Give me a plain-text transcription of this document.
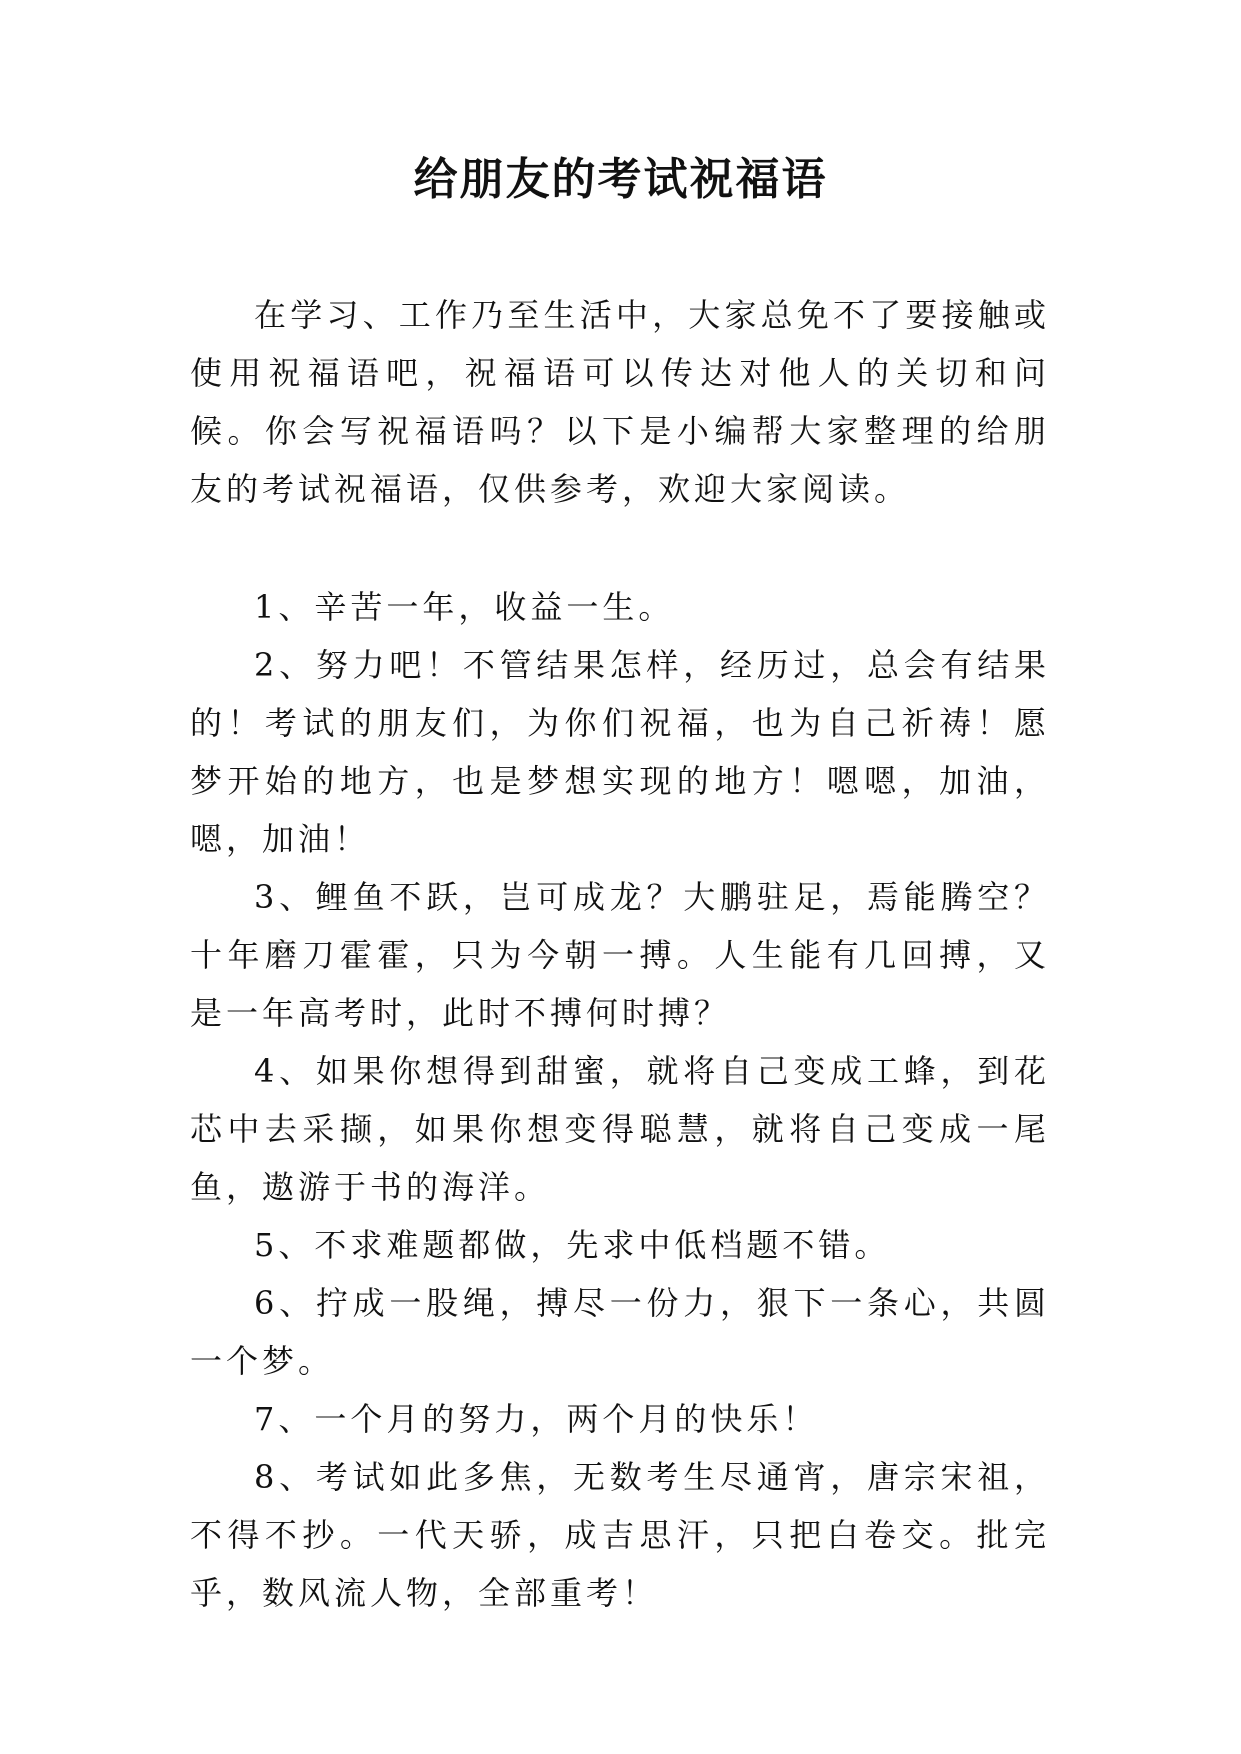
给朋友的考试祝福语

在学习、工作乃至生活中，大家总免不了要接触或使用祝福语吧，祝福语可以传达对他人的关切和问候。你会写祝福语吗？以下是小编帮大家整理的给朋友的考试祝福语，仅供参考，欢迎大家阅读。

1、辛苦一年，收益一生。

2、努力吧！不管结果怎样，经历过，总会有结果的！考试的朋友们，为你们祝福，也为自己祈祷！愿梦开始的地方，也是梦想实现的地方！嗯嗯，加油，嗯，加油！

3、鲤鱼不跃，岂可成龙？大鹏驻足，焉能腾空？十年磨刀霍霍，只为今朝一搏。人生能有几回搏，又是一年高考时，此时不搏何时搏？

4、如果你想得到甜蜜，就将自己变成工蜂，到花芯中去采撷，如果你想变得聪慧，就将自己变成一尾鱼，遨游于书的海洋。

5、不求难题都做，先求中低档题不错。

6、拧成一股绳，搏尽一份力，狠下一条心，共圆一个梦。

7、一个月的努力，两个月的快乐！

8、考试如此多焦，无数考生尽通宵，唐宗宋祖，不得不抄。一代天骄，成吉思汗，只把白卷交。批完乎，数风流人物，全部重考！
